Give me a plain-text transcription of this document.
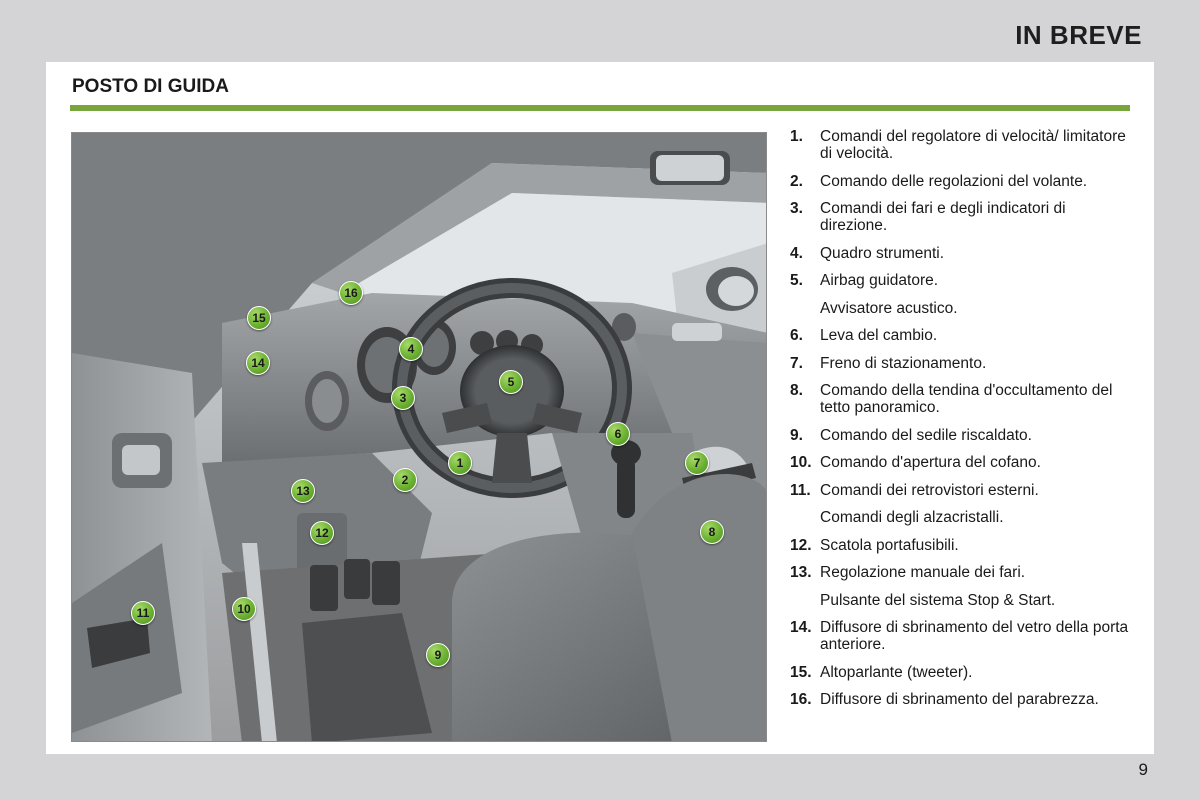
IN BREVE
POSTO DI GUIDA
1
2
3
4
5
6
7
8
9
10
11
12
13
14
15
16
1.	Comandi del regolatore di velocità/ limitatore di velocità.
2.	Comando delle regolazioni del volante.
3.	Comandi dei fari e degli indicatori di direzione.
4.	Quadro strumenti.
5.	Airbag guidatore.
Avvisatore acustico.
6.	Leva del cambio.
7.	Freno di stazionamento.
8.	Comando della tendina d'occultamento del tetto panoramico.
9.	Comando del sedile riscaldato.
10. Comando d'apertura del cofano.
11. Comandi dei retrovistori esterni.
Comandi degli alzacristalli.
12. Scatola portafusibili.
13. Regolazione manuale dei fari.
Pulsante del sistema Stop & Start.
14. Diffusore di sbrinamento del vetro della porta anteriore.
15. Altoparlante (tweeter).
16. Diffusore di sbrinamento del parabrezza.
9
